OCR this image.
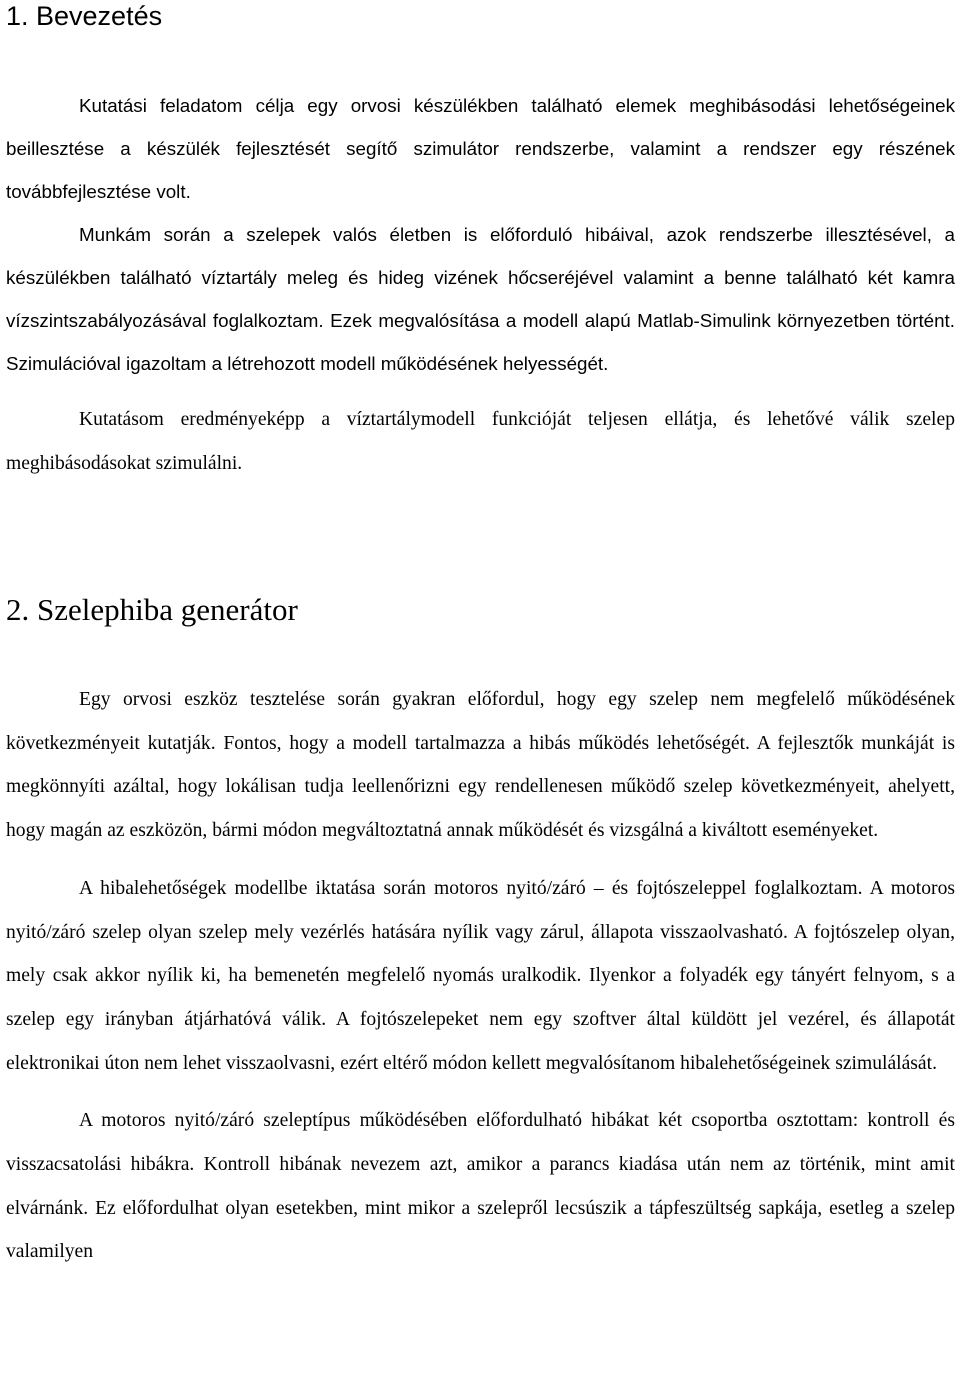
1. Bevezetés

Kutatási feladatom célja egy orvosi készülékben található elemek meghibásodási lehetőségeinek beillesztése a készülék fejlesztését segítő szimulátor rendszerbe, valamint a rendszer egy részének továbbfejlesztése volt.

Munkám során a szelepek valós életben is előforduló hibáival, azok rendszerbe illesztésével, a készülékben található víztartály meleg és hideg vizének hőcseréjével valamint a benne található két kamra vízszintszabályozásával foglalkoztam. Ezek megvalósítása a modell alapú Matlab-Simulink környezetben történt. Szimulációval igazoltam a létrehozott modell működésének helyességét.

Kutatásom eredményeképp a víztartálymodell funkcióját teljesen ellátja, és lehetővé válik szelep meghibásodásokat szimulálni.

2. Szelephiba generátor

Egy orvosi eszköz tesztelése során gyakran előfordul, hogy egy szelep nem megfelelő működésének következményeit kutatják. Fontos, hogy a modell tartalmazza a hibás működés lehetőségét. A fejlesztők munkáját is megkönnyíti azáltal, hogy lokálisan tudja leellenőrizni egy rendellenesen működő szelep következményeit, ahelyett, hogy magán az eszközön, bármi módon megváltoztatná annak működését és vizsgálná a kiváltott eseményeket.

A hibalehetőségek modellbe iktatása során motoros nyitó/záró – és fojtószeleppel foglalkoztam. A motoros nyitó/záró szelep olyan szelep mely vezérlés hatására nyílik vagy zárul, állapota visszaolvasható. A fojtószelep olyan, mely csak akkor nyílik ki, ha bemenetén megfelelő nyomás uralkodik. Ilyenkor a folyadék egy tányért felnyom, s a szelep egy irányban átjárhatóvá válik. A fojtószelepeket nem egy szoftver által küldött jel vezérel, és állapotát elektronikai úton nem lehet visszaolvasni, ezért eltérő módon kellett megvalósítanom hibalehetőségeinek szimulálását.

A motoros nyitó/záró szeleptípus működésében előfordulható hibákat két csoportba osztottam: kontroll és visszacsatolási hibákra. Kontroll hibának nevezem azt, amikor a parancs kiadása után nem az történik, mint amit elvárnánk. Ez előfordulhat olyan esetekben, mint mikor a szelepről lecsúszik a tápfeszültség sapkája, esetleg a szelep valamilyen
